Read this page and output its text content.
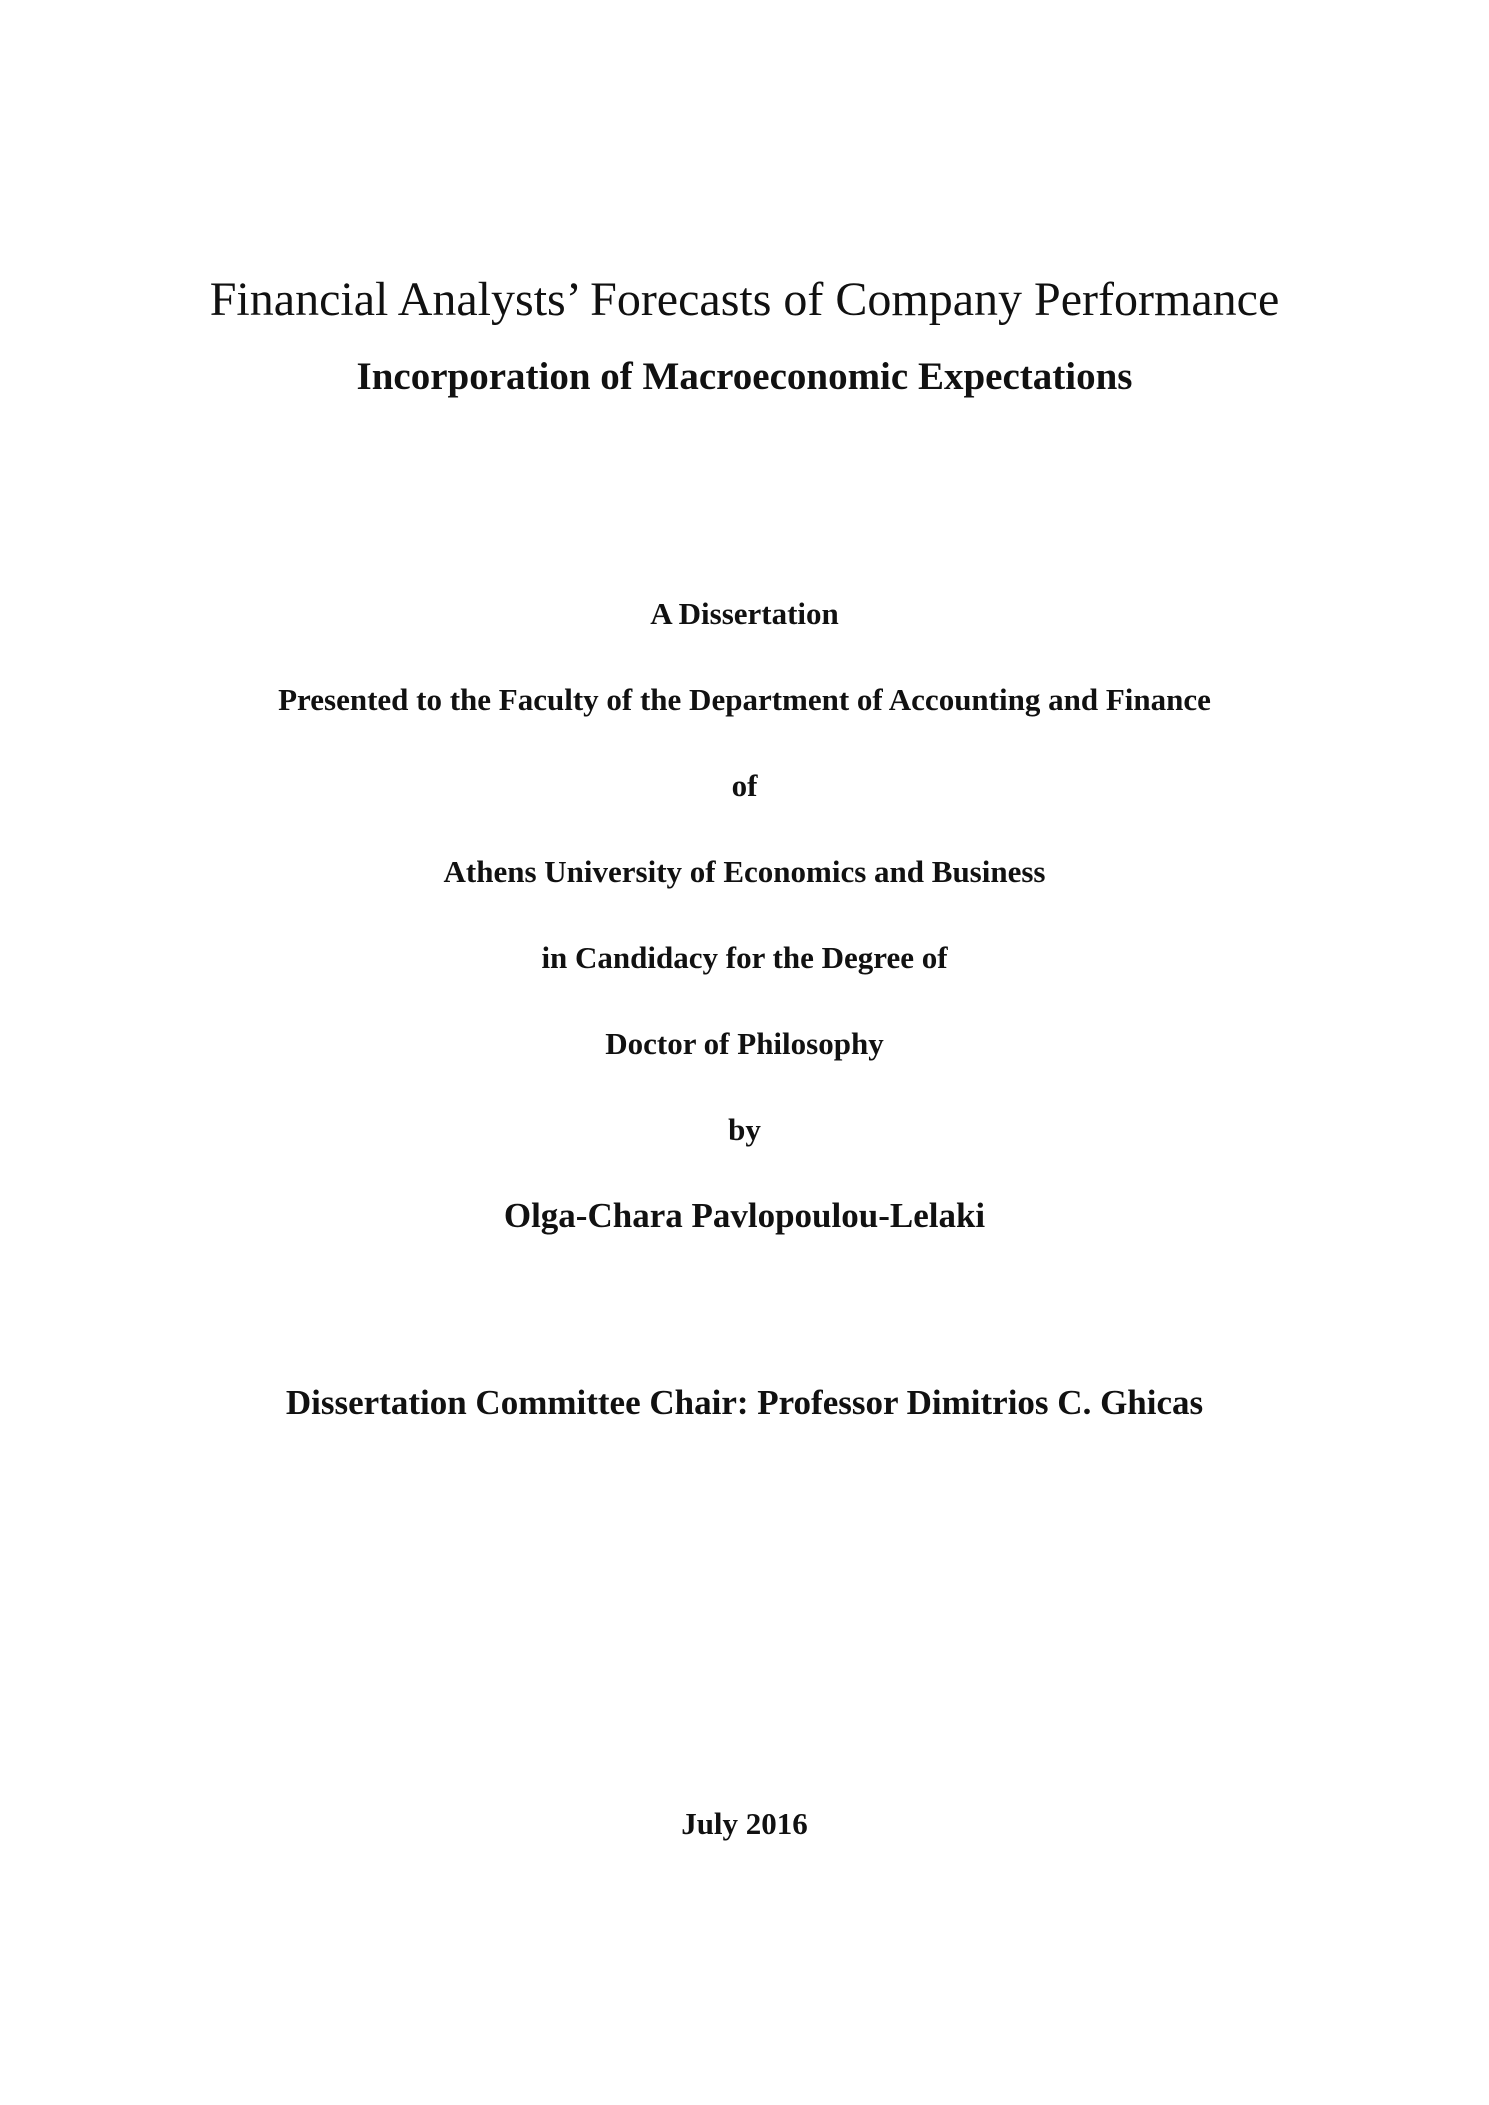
Financial Analysts’ Forecasts of Company Performance
Incorporation of Macroeconomic Expectations
A Dissertation
Presented to the Faculty of the Department of Accounting and Finance
of
Athens University of Economics and Business
in Candidacy for the Degree of
Doctor of Philosophy
by
Olga-Chara Pavlopoulou-Lelaki
Dissertation Committee Chair: Professor Dimitrios C. Ghicas
July 2016
